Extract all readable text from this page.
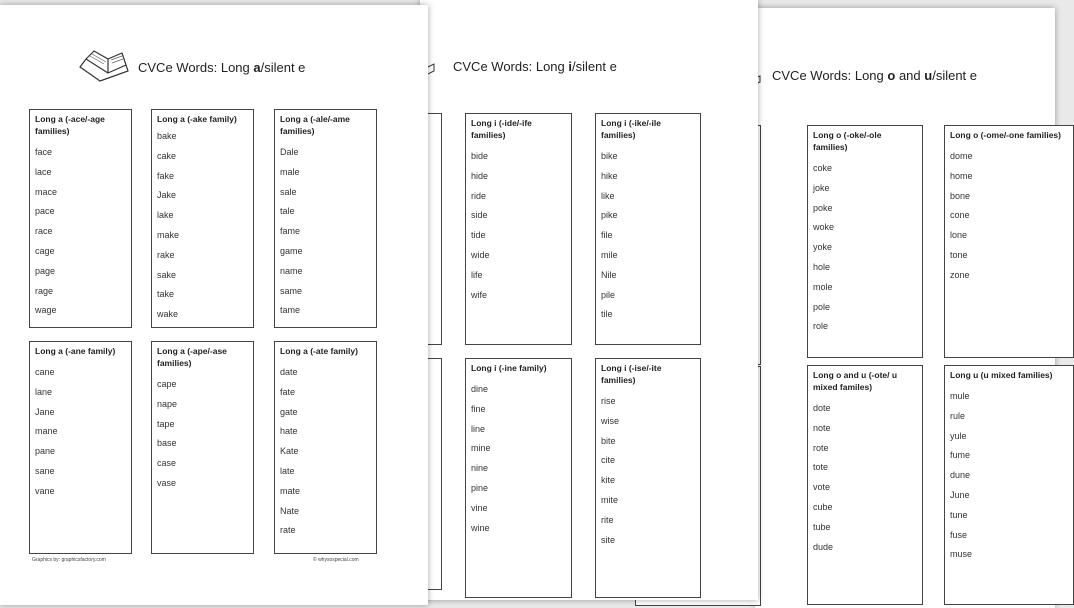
CVCe Words: Long o and u/silent e
Long o (-oke/-ole families)
coke
joke
poke
woke
yoke
hole
mole
pole
role
Long o (-ome/-one families)
dome
home
bone
cone
lone
tone
zone
Long o and u (-ote/ u mixed familes)
dote
note
rote
tote
vote
cube
tube
dude
Long u (u mixed families)
mule
rule
yule
fume
dune
June
tune
fuse
muse
CVCe Words: Long i/silent e
Long i (-ide/-ife families)
bide
hide
ride
side
tide
wide
life
wife
Long i (-ike/-ile families)
bike
hike
like
pike
file
mile
Nile
pile
tile
Long i (-ine family)
dine
fine
line
mine
nine
pine
vine
wine
Long i (-ise/-ite families)
rise
wise
bite
cite
kite
mite
rite
site
CVCe Words: Long a/silent e
Long a (-ace/-age families)
face
lace
mace
pace
race
cage
page
rage
wage
Long a (-ake family)
bake
cake
fake
Jake
lake
make
rake
sake
take
wake
Long a (-ale/-ame families)
Dale
male
sale
tale
fame
game
name
same
tame
Long a (-ane family)
cane
lane
Jane
mane
pane
sane
vane
Long a (-ape/-ase families)
cape
nape
tape
base
case
vase
Long a (-ate family)
date
fate
gate
hate
Kate
late
mate
Nate
rate
Graphics by: graphicsfactory.com	© whysospecial.com
